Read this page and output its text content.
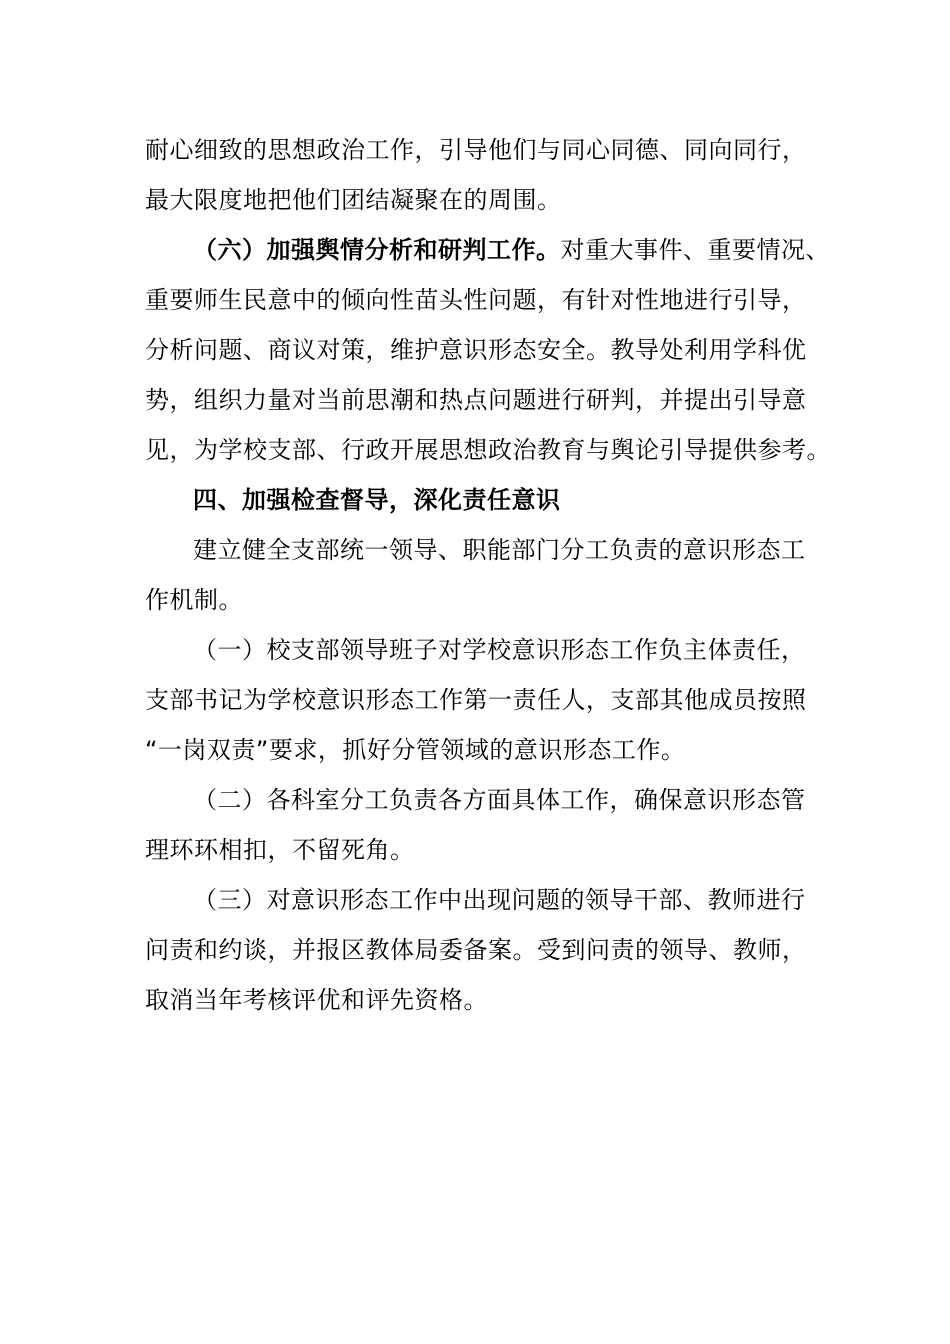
耐心细致的思想政治工作，引导他们与同心同德、同向同行，
最大限度地把他们团结凝聚在的周围。
（六）加强舆情分析和研判工作。对重大事件、重要情况、
重要师生民意中的倾向性苗头性问题，有针对性地进行引导，
分析问题、商议对策，维护意识形态安全。教导处利用学科优
势，组织力量对当前思潮和热点问题进行研判，并提出引导意
见，为学校支部、行政开展思想政治教育与舆论引导提供参考。
四、加强检查督导，深化责任意识
建立健全支部统一领导、职能部门分工负责的意识形态工
作机制。
（一）校支部领导班子对学校意识形态工作负主体责任，
支部书记为学校意识形态工作第一责任人，支部其他成员按照
“一岗双责”要求，抓好分管领域的意识形态工作。
（二）各科室分工负责各方面具体工作，确保意识形态管
理环环相扣，不留死角。
（三）对意识形态工作中出现问题的领导干部、教师进行
问责和约谈，并报区教体局委备案。受到问责的领导、教师，
取消当年考核评优和评先资格。
